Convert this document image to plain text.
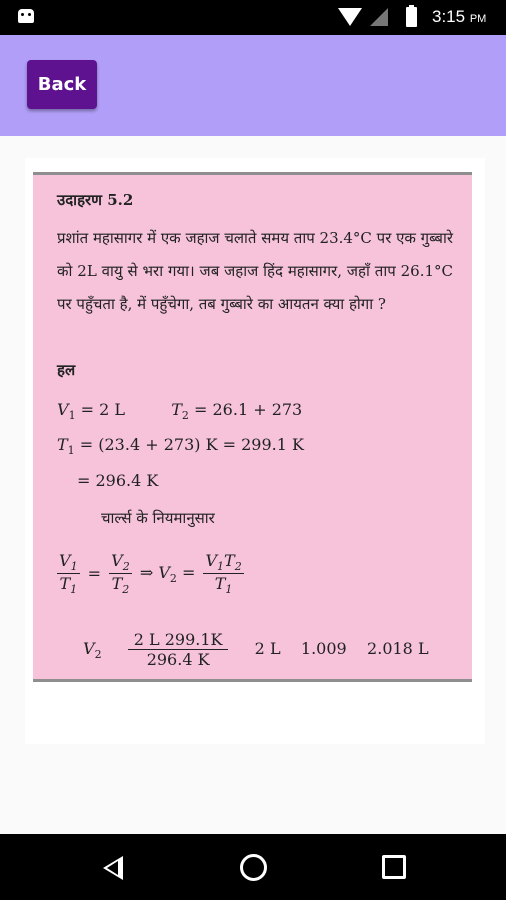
3:15 PM
Back
उदाहरण 5.2
प्रशांत महासागर में एक जहाज चलाते समय ताप 23.4°C पर एक गुब्बारे को 2L वायु से भरा गया। जब जहाज हिंद महासागर, जहाँ ताप 26.1°C पर पहुँचता है, में पहुँचेगा, तब गुब्बारे का आयतन क्या होगा ?
हल
$V_1 = 2$ L	$T_2 = 26.1 + 273$
$T_1 = (23.4 + 273) K = 299.1$ K
= 296.4 K
चार्ल्स के नियमानुसार
$\frac{V_1}{T_1} = \frac{V_2}{T_2}$ ⇒ $V_2 = \frac{V_1T_2}{T_1}$
$V_2 \frac{2 L 299.1K}{296.4 K} 2$ L    1.009    2.018 L
